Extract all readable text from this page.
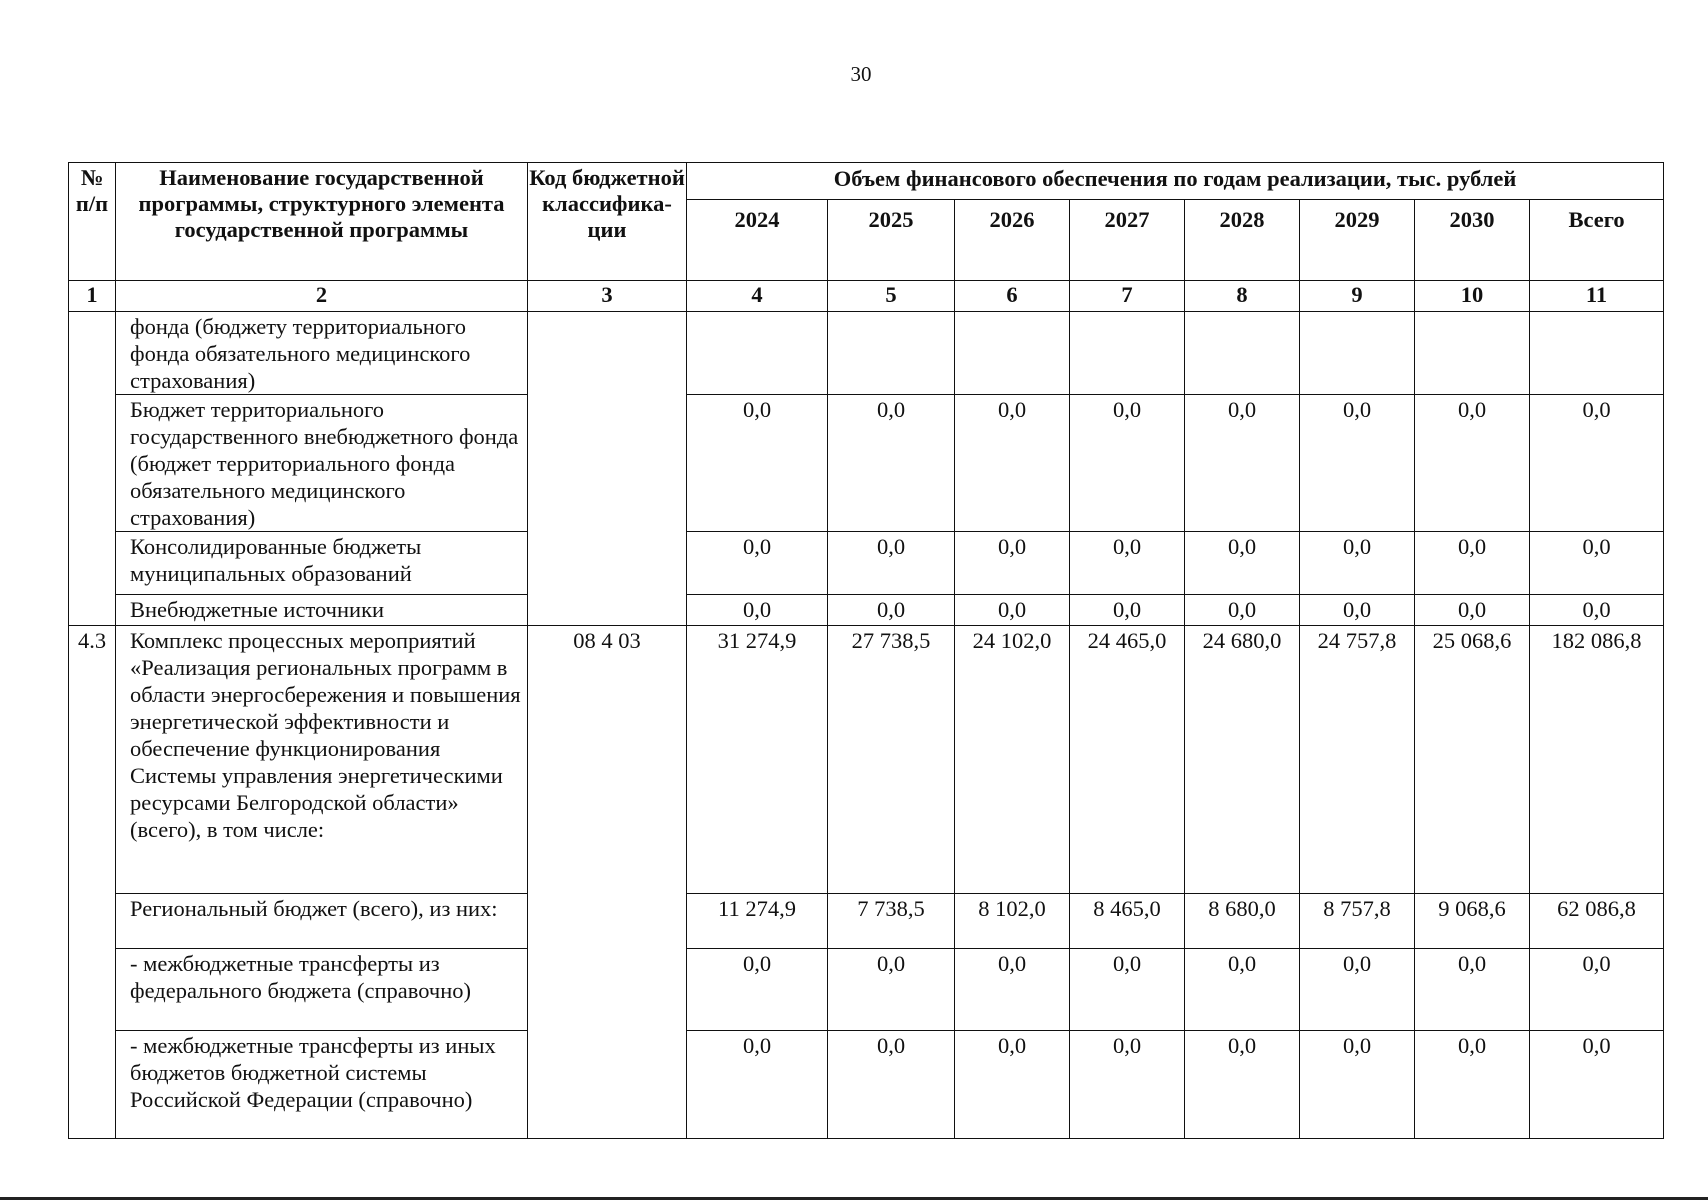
30
№ п/п	Наименование государственной программы, структурного элемента государственной программы	Код бюджетной классифика-ции	Объем финансового обеспечения по годам реализации, тыс. рублей							
			2024	2025	2026	2027	2028	2029	2030	Всего
1	2	3	4	5	6	7	8	9	10	11
	фонда (бюджету территориального фонда обязательного медицинского страхования)									
	Бюджет территориального государственного внебюджетного фонда (бюджет территориального фонда обязательного медицинского страхования)		0,0	0,0	0,0	0,0	0,0	0,0	0,0	0,0
	Консолидированные бюджеты муниципальных образований		0,0	0,0	0,0	0,0	0,0	0,0	0,0	0,0
	Внебюджетные источники		0,0	0,0	0,0	0,0	0,0	0,0	0,0	0,0
4.3	Комплекс процессных мероприятий «Реализация региональных программ в области энергосбережения и повышения энергетической эффективности и обеспечение функционирования Системы управления энергетическими ресурсами Белгородской области» (всего), в том числе:	08 4 03	31 274,9	27 738,5	24 102,0	24 465,0	24 680,0	24 757,8	25 068,6	182 086,8
	Региональный бюджет (всего), из них:		11 274,9	7 738,5	8 102,0	8 465,0	8 680,0	8 757,8	9 068,6	62 086,8
	- межбюджетные трансферты из федерального бюджета (справочно)		0,0	0,0	0,0	0,0	0,0	0,0	0,0	0,0
	- межбюджетные трансферты из иных бюджетов бюджетной системы Российской Федерации (справочно)		0,0	0,0	0,0	0,0	0,0	0,0	0,0	0,0
